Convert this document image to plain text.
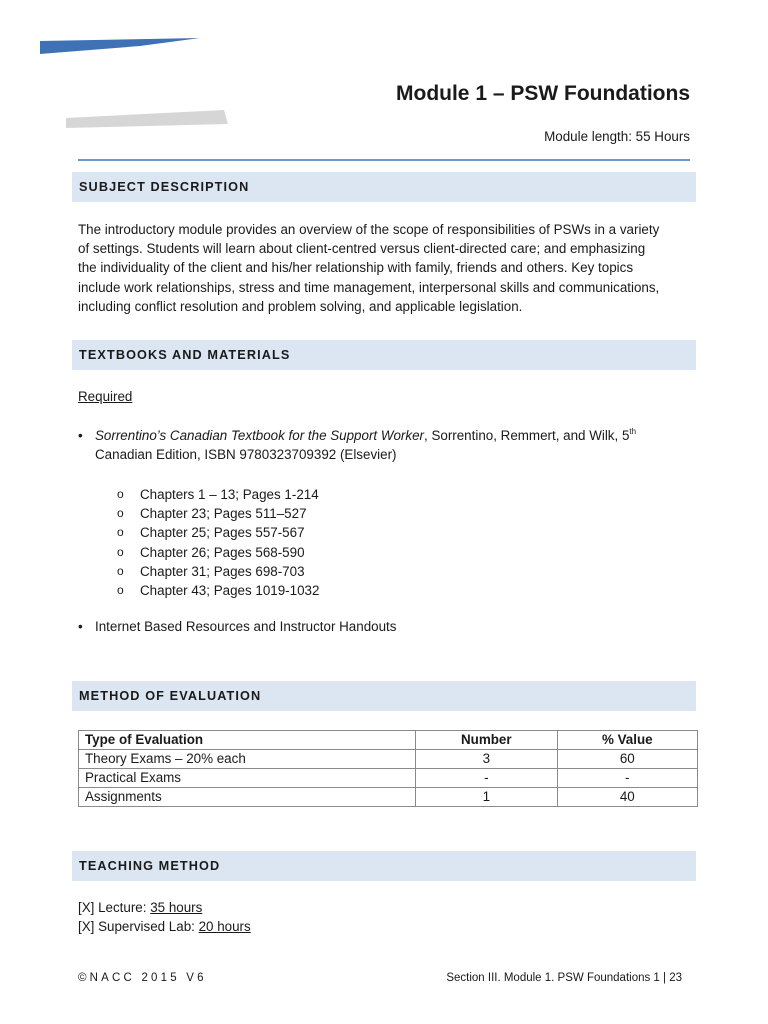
Module 1 – PSW Foundations
Module length: 55 Hours
SUBJECT DESCRIPTION
The introductory module provides an overview of the scope of responsibilities of PSWs in a variety
of settings. Students will learn about client-centred versus client-directed care; and emphasizing
the individuality of the client and his/her relationship with family, friends and others. Key topics
include work relationships, stress and time management, interpersonal skills and communications,
including conflict resolution and problem solving, and applicable legislation.
TEXTBOOKS AND MATERIALS
Required
• Sorrentino’s Canadian Textbook for the Support Worker, Sorrentino, Remmert, and Wilk, 5th
Canadian Edition, ISBN 9780323709392 (Elsevier)
o	Chapters 1 – 13; Pages 1-214
o	Chapter 23; Pages 511–527
o	Chapter 25; Pages 557-567
o	Chapter 26; Pages 568-590
o	Chapter 31; Pages 698-703
o	Chapter 43; Pages 1019-1032
• Internet Based Resources and Instructor Handouts
METHOD OF EVALUATION
Type of Evaluation	Number	% Value
Theory Exams – 20% each	3	60
Practical Exams	-	-
Assignments	1	40
TEACHING METHOD
[X] Lecture: 35 hours
[X] Supervised Lab: 20 hours
©NACC 2015 V6	Section III. Module 1. PSW Foundations 1 | 23
